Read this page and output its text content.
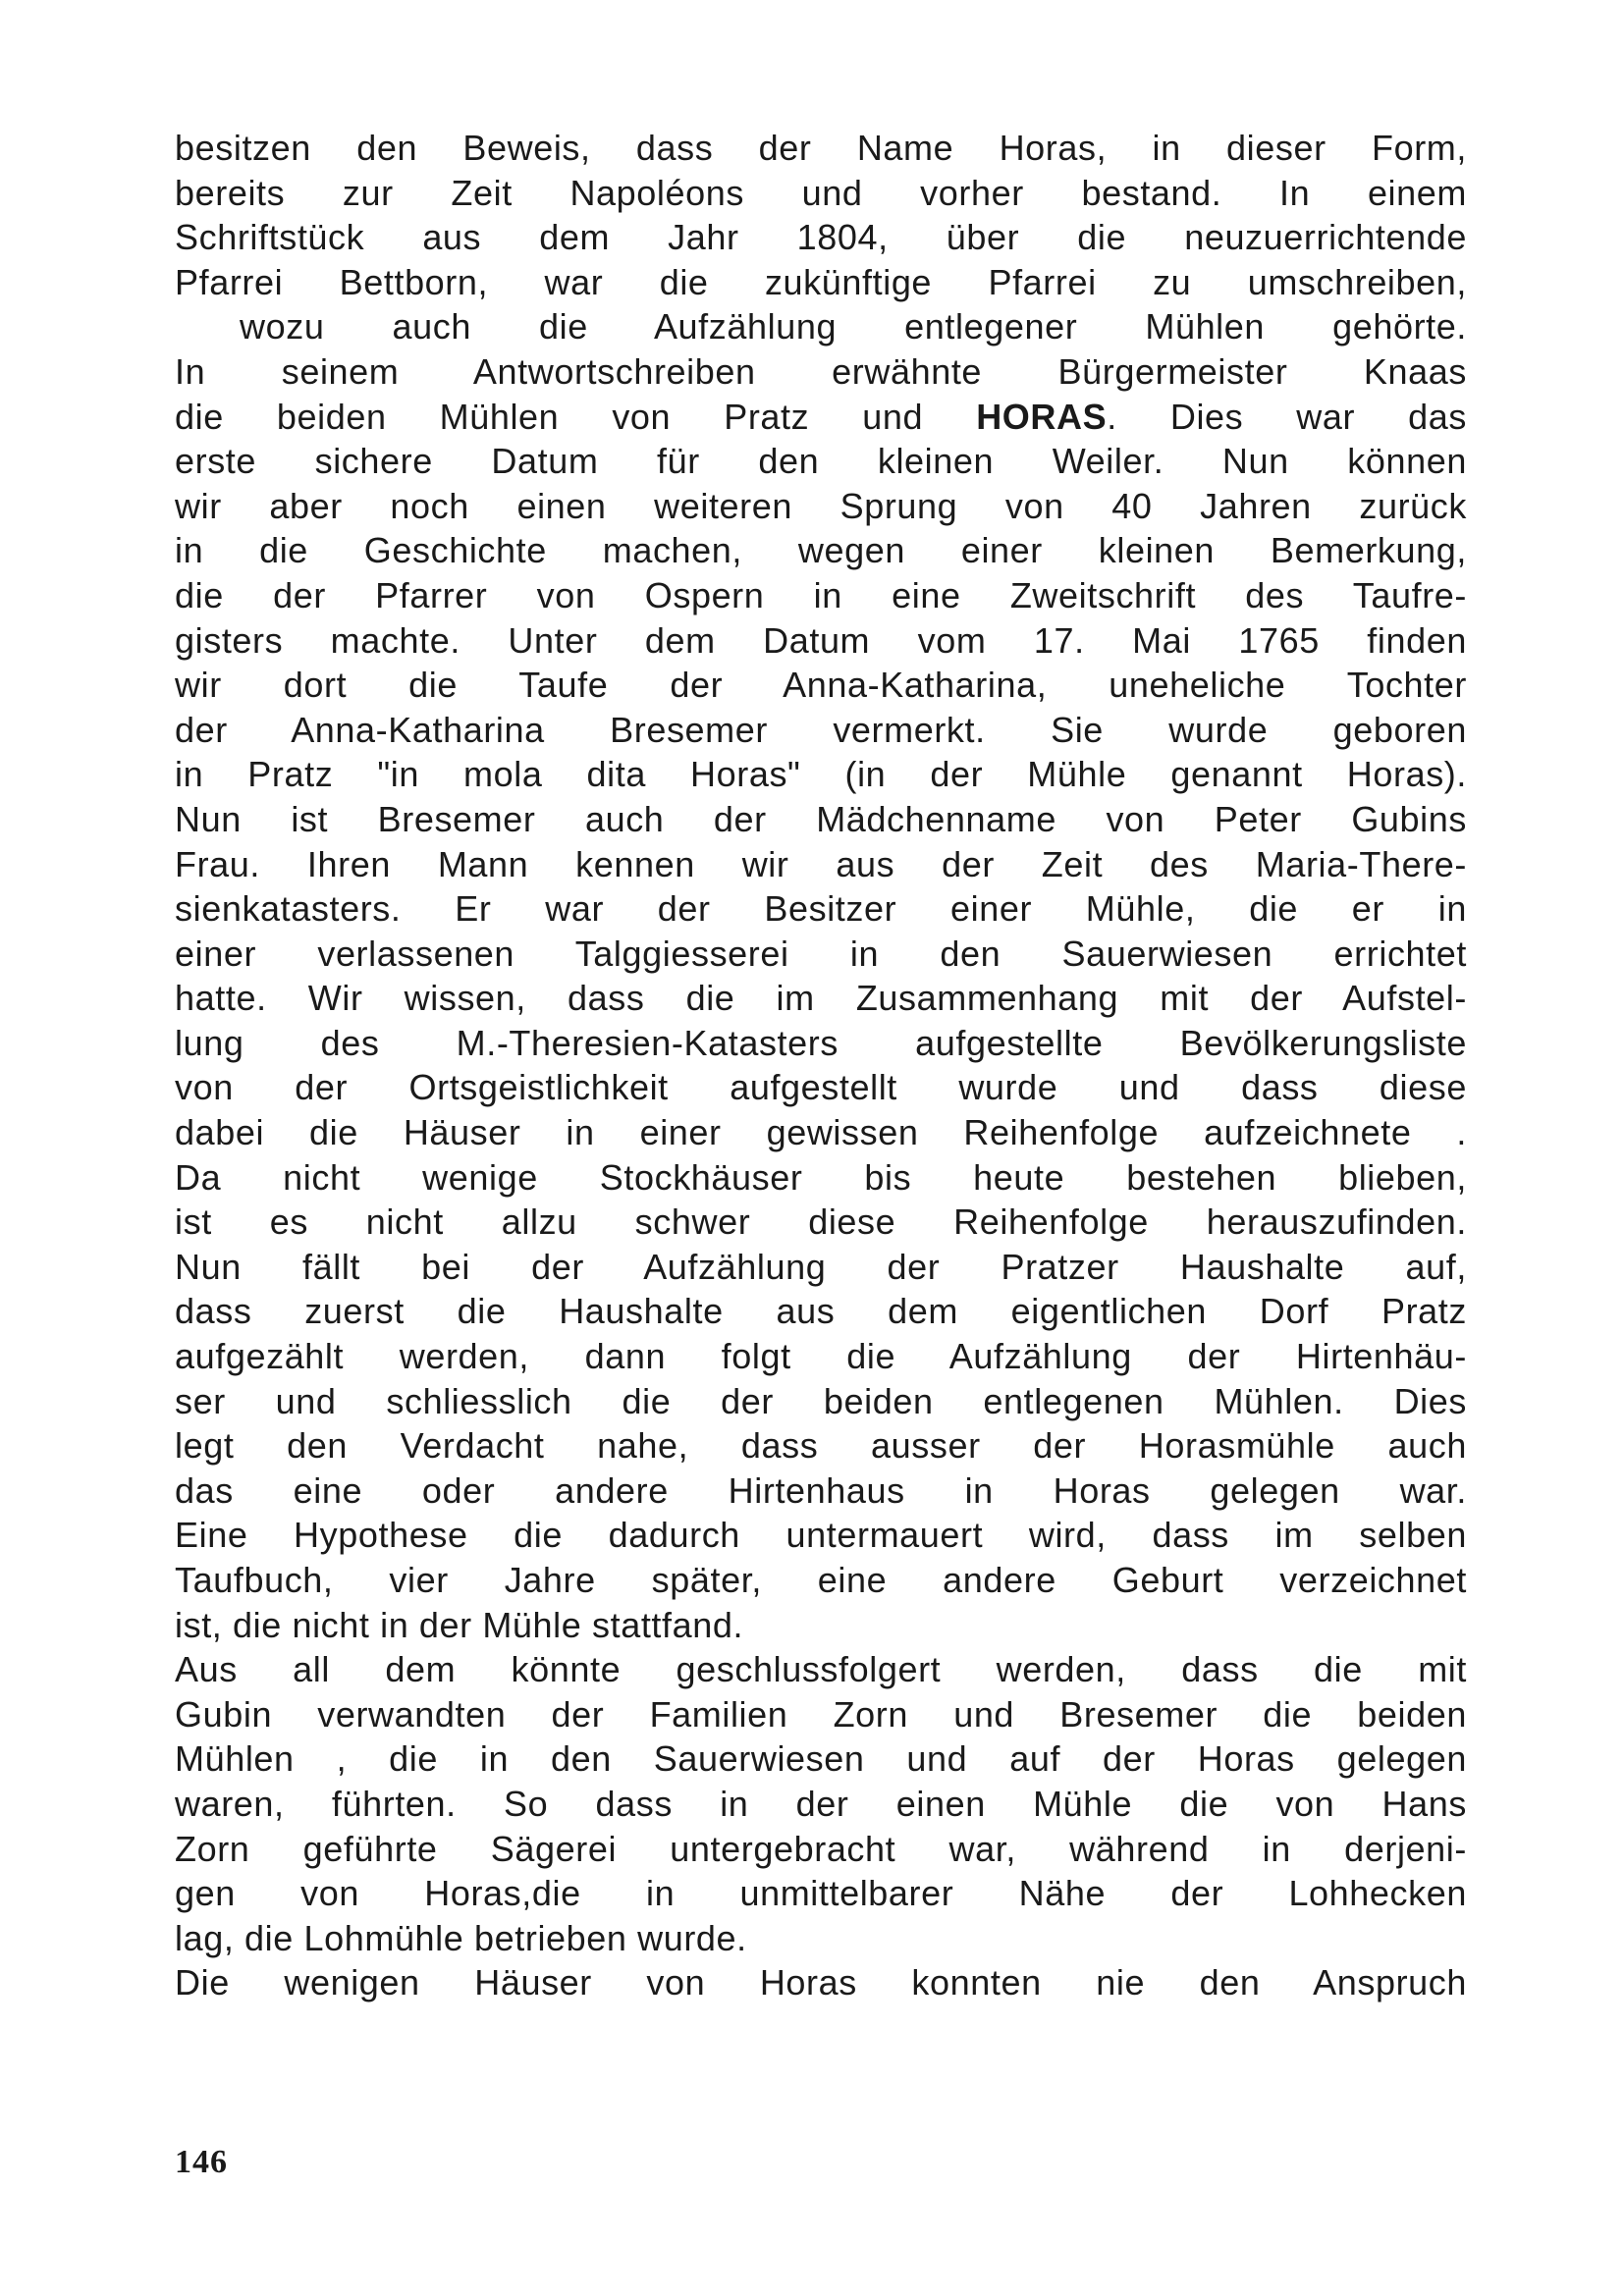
besitzen den Beweis, dass der Name Horas, in dieser Form,
bereits zur Zeit Napoléons und vorher bestand. In einem
Schriftstück aus dem Jahr 1804, über die neuzuerrichtende
Pfarrei Bettborn, war die zukünftige Pfarrei zu umschreiben,
wozu auch die Aufzählung entlegener Mühlen gehörte.
In seinem Antwortschreiben erwähnte Bürgermeister Knaas
die beiden Mühlen von Pratz und HORAS. Dies war das
erste sichere Datum für den kleinen Weiler. Nun können
wir aber noch einen weiteren Sprung von 40 Jahren zurück
in die Geschichte machen, wegen einer kleinen Bemerkung,
die der Pfarrer von Ospern in eine Zweitschrift des Taufre-
gisters machte. Unter dem Datum vom 17. Mai 1765 finden
wir dort die Taufe der Anna-Katharina, uneheliche Tochter
der Anna-Katharina Bresemer vermerkt. Sie wurde geboren
in Pratz "in mola dita Horas" (in der Mühle genannt Horas).
Nun ist Bresemer auch der Mädchenname von Peter Gubins
Frau. Ihren Mann kennen wir aus der Zeit des Maria-There-
sienkatasters. Er war der Besitzer einer Mühle, die er in
einer verlassenen Talggiesserei in den Sauerwiesen errichtet
hatte. Wir wissen, dass die im Zusammenhang mit der Aufstel-
lung des M.-Theresien-Katasters aufgestellte Bevölkerungsliste
von der Ortsgeistlichkeit aufgestellt wurde und dass diese
dabei die Häuser in einer gewissen Reihenfolge aufzeichnete .
Da nicht wenige Stockhäuser bis heute bestehen blieben,
ist es nicht allzu schwer diese Reihenfolge herauszufinden.
Nun fällt bei der Aufzählung der Pratzer Haushalte auf,
dass zuerst die Haushalte aus dem eigentlichen Dorf Pratz
aufgezählt werden, dann folgt die Aufzählung der Hirtenhäu-
ser und schliesslich die der beiden entlegenen Mühlen. Dies
legt den Verdacht nahe, dass ausser der Horasmühle auch
das eine oder andere Hirtenhaus in Horas gelegen war.
Eine Hypothese die dadurch untermauert wird, dass im selben
Taufbuch, vier Jahre später, eine andere Geburt verzeichnet
ist, die nicht in der Mühle stattfand.
Aus all dem könnte geschlussfolgert werden, dass die mit
Gubin verwandten der Familien Zorn und Bresemer die beiden
Mühlen , die in den Sauerwiesen und auf der Horas gelegen
waren, führten. So dass in der einen Mühle die von Hans
Zorn geführte Sägerei untergebracht war, während in derjeni-
gen von Horas,die in unmittelbarer Nähe der Lohhecken
lag, die Lohmühle betrieben wurde.
Die wenigen Häuser von Horas konnten nie den Anspruch
146
